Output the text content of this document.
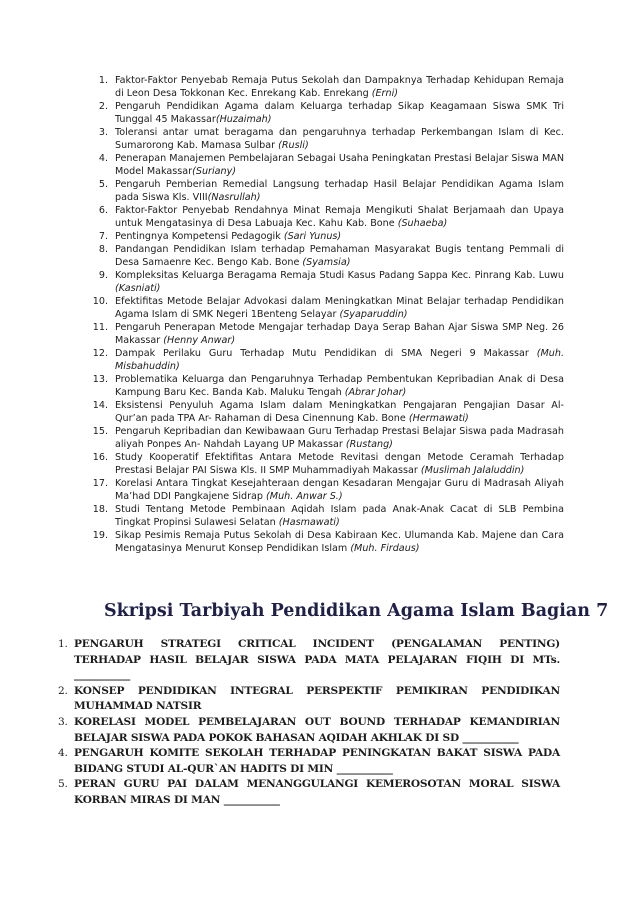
1. Faktor-Faktor Penyebab Remaja Putus Sekolah dan Dampaknya Terhadap Kehidupan Remaja di Leon Desa Tokkonan Kec. Enrekang Kab. Enrekang (Erni)
2. Pengaruh Pendidikan Agama dalam Keluarga terhadap Sikap Keagamaan Siswa SMK Tri Tunggal 45 Makassar(Huzaimah)
3. Toleransi antar umat beragama dan pengaruhnya terhadap Perkembangan Islam di Kec. Sumarorong Kab. Mamasa Sulbar (Rusli)
4. Penerapan Manajemen Pembelajaran Sebagai Usaha Peningkatan Prestasi Belajar Siswa MAN Model Makassar(Suriany)
5. Pengaruh Pemberian Remedial Langsung terhadap Hasil Belajar Pendidikan Agama Islam pada Siswa Kls. VIII(Nasrullah)
6. Faktor-Faktor Penyebab Rendahnya Minat Remaja Mengikuti Shalat Berjamaah dan Upaya untuk Mengatasinya di Desa Labuaja Kec. Kahu Kab. Bone (Suhaeba)
7. Pentingnya Kompetensi Pedagogik (Sari Yunus)
8. Pandangan Pendidikan Islam terhadap Pemahaman Masyarakat Bugis tentang Pemmali di Desa Samaenre Kec. Bengo Kab. Bone (Syamsia)
9. Kompleksitas Keluarga Beragama Remaja Studi Kasus Padang Sappa Kec. Pinrang Kab. Luwu (Kasniati)
10. Efektifitas Metode Belajar Advokasi dalam Meningkatkan Minat Belajar terhadap Pendidikan Agama Islam di SMK Negeri 1Benteng Selayar (Syaparuddin)
11. Pengaruh Penerapan Metode Mengajar terhadap Daya Serap Bahan Ajar Siswa SMP Neg. 26 Makassar (Henny Anwar)
12. Dampak Perilaku Guru Terhadap Mutu Pendidikan di SMA Negeri 9 Makassar (Muh. Misbahuddin)
13. Problematika Keluarga dan Pengaruhnya Terhadap Pembentukan Kepribadian Anak di Desa Kampung Baru Kec. Banda Kab. Maluku Tengah (Abrar Johar)
14. Eksistensi Penyuluh Agama Islam dalam Meningkatkan Pengajaran Pengajian Dasar Al-Qur’an pada TPA Ar- Rahaman di Desa Cinennung Kab. Bone (Hermawati)
15. Pengaruh Kepribadian dan Kewibawaan Guru Terhadap Prestasi Belajar Siswa pada Madrasah aliyah Ponpes An- Nahdah Layang UP Makassar (Rustang)
16. Study Kooperatif Efektifitas Antara Metode Revitasi dengan Metode Ceramah Terhadap Prestasi Belajar PAI Siswa Kls. II SMP Muhammadiyah Makassar (Muslimah Jalaluddin)
17. Korelasi Antara Tingkat Kesejahteraan dengan Kesadaran Mengajar Guru di Madrasah Aliyah Ma’had DDI Pangkajene Sidrap (Muh. Anwar S.)
18. Studi Tentang Metode Pembinaan Aqidah Islam pada Anak-Anak Cacat di SLB Pembina Tingkat Propinsi Sulawesi Selatan (Hasmawati)
19. Sikap Pesimis Remaja Putus Sekolah di Desa Kabiraan Kec. Ulumanda Kab. Majene dan Cara Mengatasinya Menurut Konsep Pendidikan Islam (Muh. Firdaus)
Skripsi Tarbiyah Pendidikan Agama Islam Bagian 7
1. PENGARUH STRATEGI CRITICAL INCIDENT (PENGALAMAN PENTING) TERHADAP HASIL BELAJAR SISWA PADA MATA PELAJARAN FIQIH DI MTs. ___________
2. KONSEP PENDIDIKAN INTEGRAL PERSPEKTIF PEMIKIRAN PENDIDIKAN MUHAMMAD NATSIR
3. KORELASI MODEL PEMBELAJARAN OUT BOUND TERHADAP KEMANDIRIAN BELAJAR SISWA PADA POKOK BAHASAN AQIDAH AKHLAK DI SD ___________
4. PENGARUH KOMITE SEKOLAH TERHADAP PENINGKATAN BAKAT SISWA PADA BIDANG STUDI AL-QUR`AN HADITS DI MIN ___________
5. PERAN GURU PAI DALAM MENANGGULANGI KEMEROSOTAN MORAL SISWA KORBAN MIRAS DI MAN ___________
